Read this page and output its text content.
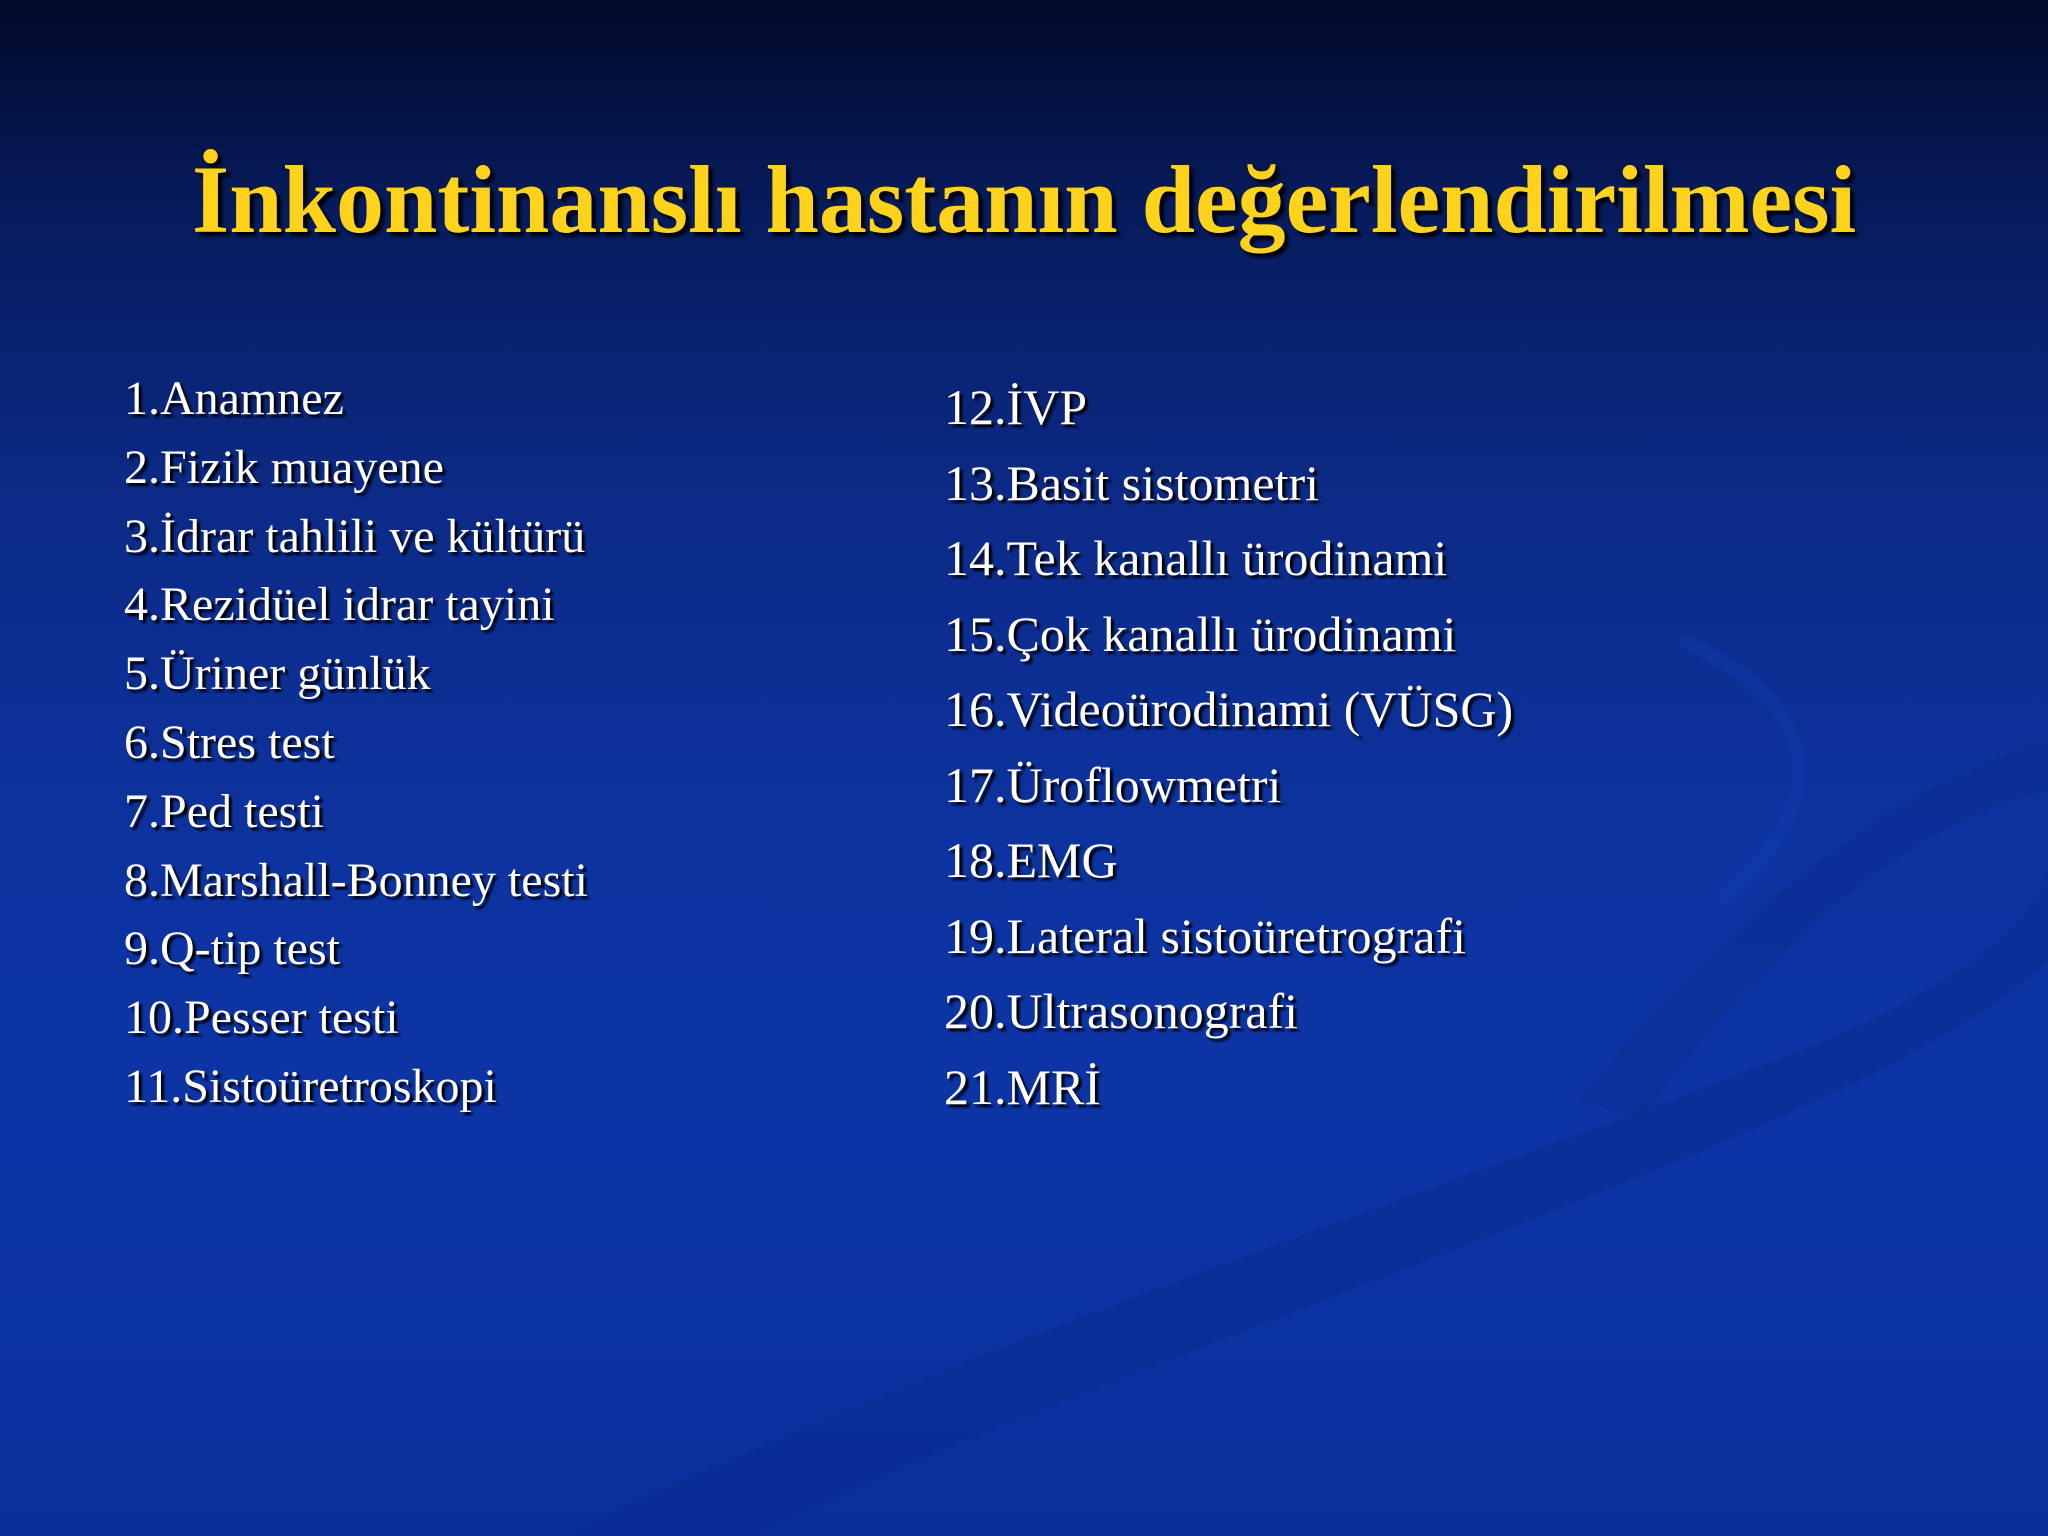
İnkontinanslı hastanın değerlendirilmesi
1.Anamnez
2.Fizik muayene
3.İdrar tahlili ve kültürü
4.Rezidüel idrar tayini
5.Üriner günlük
6.Stres test
7.Ped testi
8.Marshall-Bonney testi
9.Q-tip test
10.Pesser testi
11.Sistoüretroskopi
12.İVP
13.Basit sistometri
14.Tek kanallı ürodinami
15.Çok kanallı ürodinami
16.Videoürodinami (VÜSG)
17.Üroflowmetri
18.EMG
19.Lateral sistoüretrografi
20.Ultrasonografi
21.MRİ
